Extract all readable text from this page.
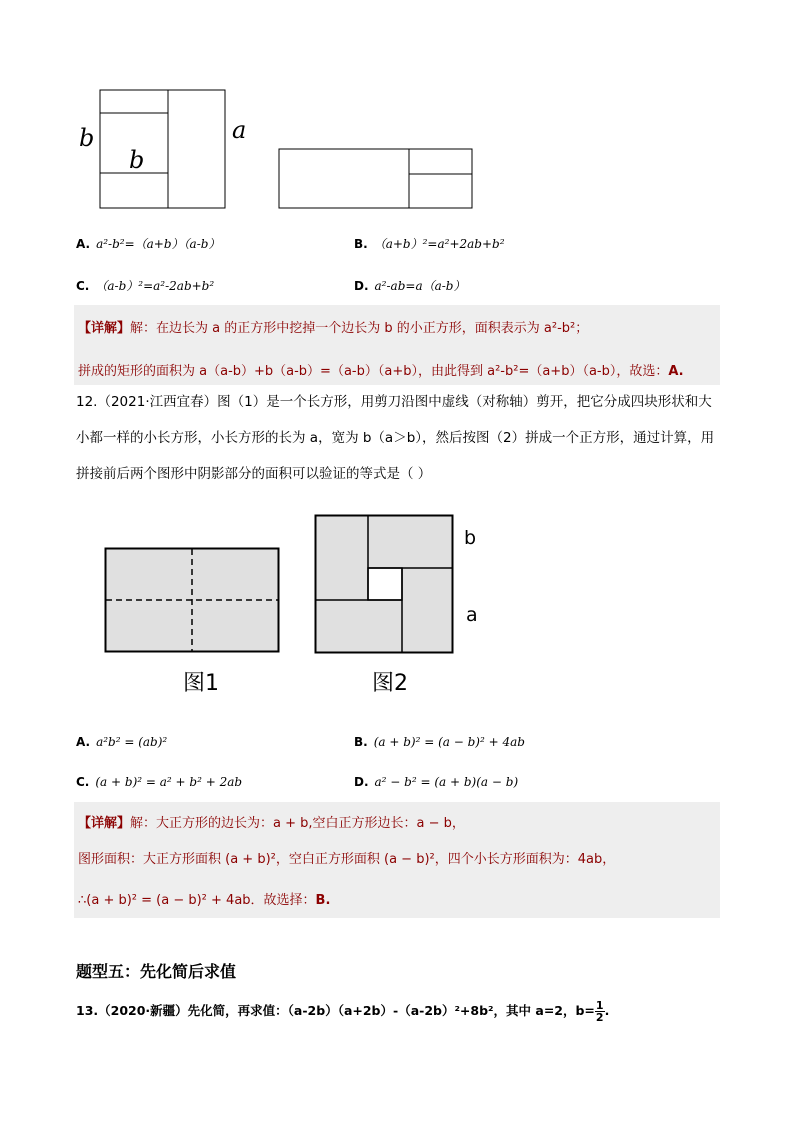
b
b
a
A. a²-b²=（a+b）（a-b）	B. （a+b）²=a²+2ab+b²
C. （a-b）²=a²-2ab+b²	D. a²-ab=a（a-b）
【详解】解：在边长为 a 的正方形中挖掉一个边长为 b 的小正方形，面积表示为 a²-b²；
拼成的矩形的面积为 a（a-b）+b（a-b）=（a-b）（a+b），由此得到 a²-b²=（a+b）（a-b），故选：A.
12.（2021·江西宜春）图（1）是一个长方形，用剪刀沿图中虚线（对称轴）剪开，把它分成四块形状和大
小都一样的小长方形，小长方形的长为 a，宽为 b（a＞b），然后按图（2）拼成一个正方形，通过计算，用
拼接前后两个图形中阴影部分的面积可以验证的等式是（ ）
图1
b
a
图2
A. a²b² = (ab)²	B. (a + b)² = (a − b)² + 4ab
C. (a + b)² = a² + b² + 2ab	D. a² − b² = (a + b)(a − b)
【详解】解：大正方形的边长为：a + b,空白正方形边长：a − b，
图形面积：大正方形面积 (a + b)²，空白正方形面积 (a − b)²，四个小长方形面积为：4ab，
∴(a + b)² = (a − b)² + 4ab．故选择：B.
题型五：先化简后求值
13.（2020·新疆）先化简，再求值：（a-2b）（a+2b）-（a-2b）²+8b²，其中 a=2，$b= \frac{1}{2}$ .
